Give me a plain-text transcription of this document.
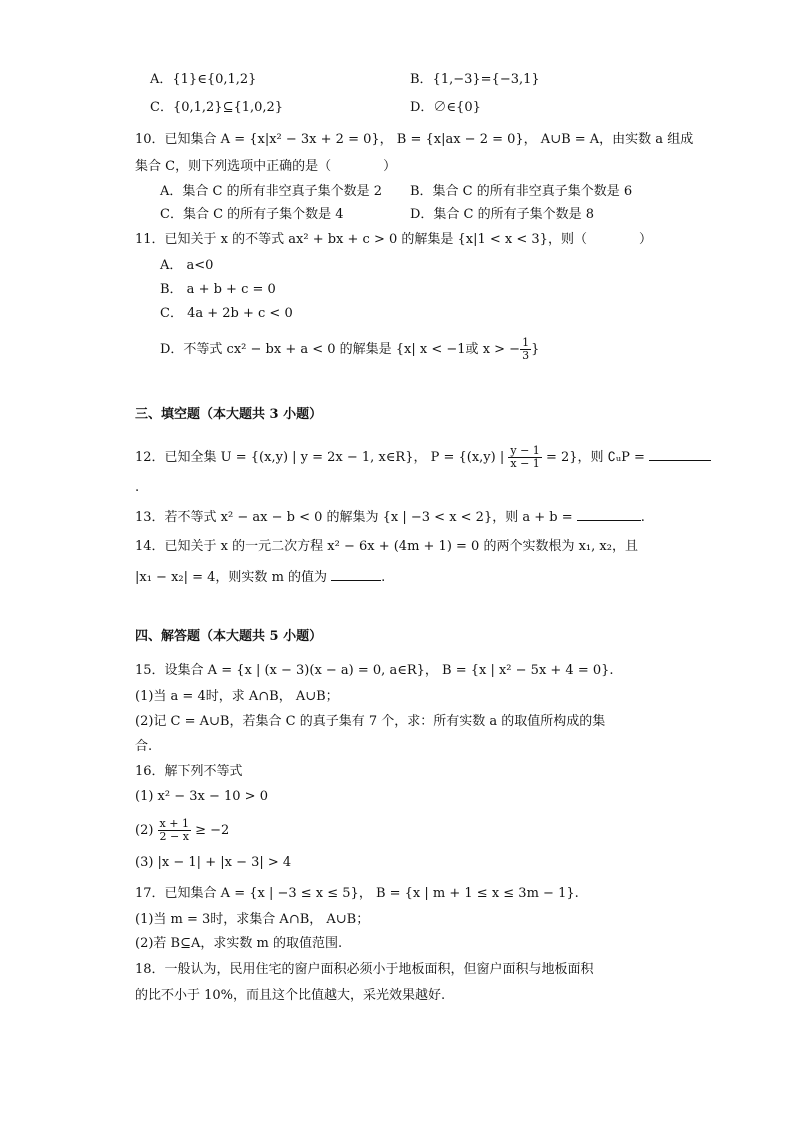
A．{1}∈{0,1,2}	B．{1,−3}={−3,1}
C．{0,1,2}⊆{1,0,2}	D．∅∈{0}
10．已知集合 A = {x|x² − 3x + 2 = 0}， B = {x|ax − 2 = 0}， A∪B = A，由实数 a 组成
集合 C，则下列选项中正确的是（　　　　）
A．集合 C 的所有非空真子集个数是 2 B．集合 C 的所有非空真子集个数是 6
C．集合 C 的所有子集个数是 4	D．集合 C 的所有子集个数是 8
11．已知关于 x 的不等式 ax² + bx + c > 0 的解集是 {x|1 < x < 3}，则（　　　　）
A． a<0
B． a + b + c = 0
C． 4a + 2b + c < 0
D．不等式 cx² − bx + a < 0 的解集是 {x| x < −1或 x > − $\frac{1}{3}$ }
三、填空题（本大题共 3 小题）
12．已知全集 U = {(x,y) | y = 2x − 1, x∈R}， P = {(x,y) | $\frac{y - 1}{x - 1} = 2$}，则 ∁ᵤP =
.
13．若不等式 x² − ax − b < 0 的解集为 {x | −3 < x < 2}，则 a + b =	.
14．已知关于 x 的一元二次方程 x² − 6x + (4m + 1) = 0 的两个实数根为 x₁, x₂，且
|x₁ − x₂| = 4，则实数 m 的值为	.
四、解答题（本大题共 5 小题）
15．设集合 A = {x | (x − 3)(x − a) = 0, a∈R}， B = {x | x² − 5x + 4 = 0}.
(1)当 a = 4时，求 A∩B， A∪B；
(2)记 C = A∪B，若集合 C 的真子集有 7 个，求：所有实数 a 的取值所构成的集
合.
16．解下列不等式
(1) x² − 3x − 10 > 0
$(2) \frac{x + 1}{2 - x} \ge -2$
(3) |x − 1| + |x − 3| > 4
17．已知集合 A = {x | −3 ≤ x ≤ 5}， B = {x | m + 1 ≤ x ≤ 3m − 1}.
(1)当 m = 3时，求集合 A∩B， A∪B；
(2)若 B⊆A，求实数 m 的取值范围.
18．一般认为，民用住宅的窗户面积必须小于地板面积，但窗户面积与地板面积
的比不小于 10%，而且这个比值越大，采光效果越好.
